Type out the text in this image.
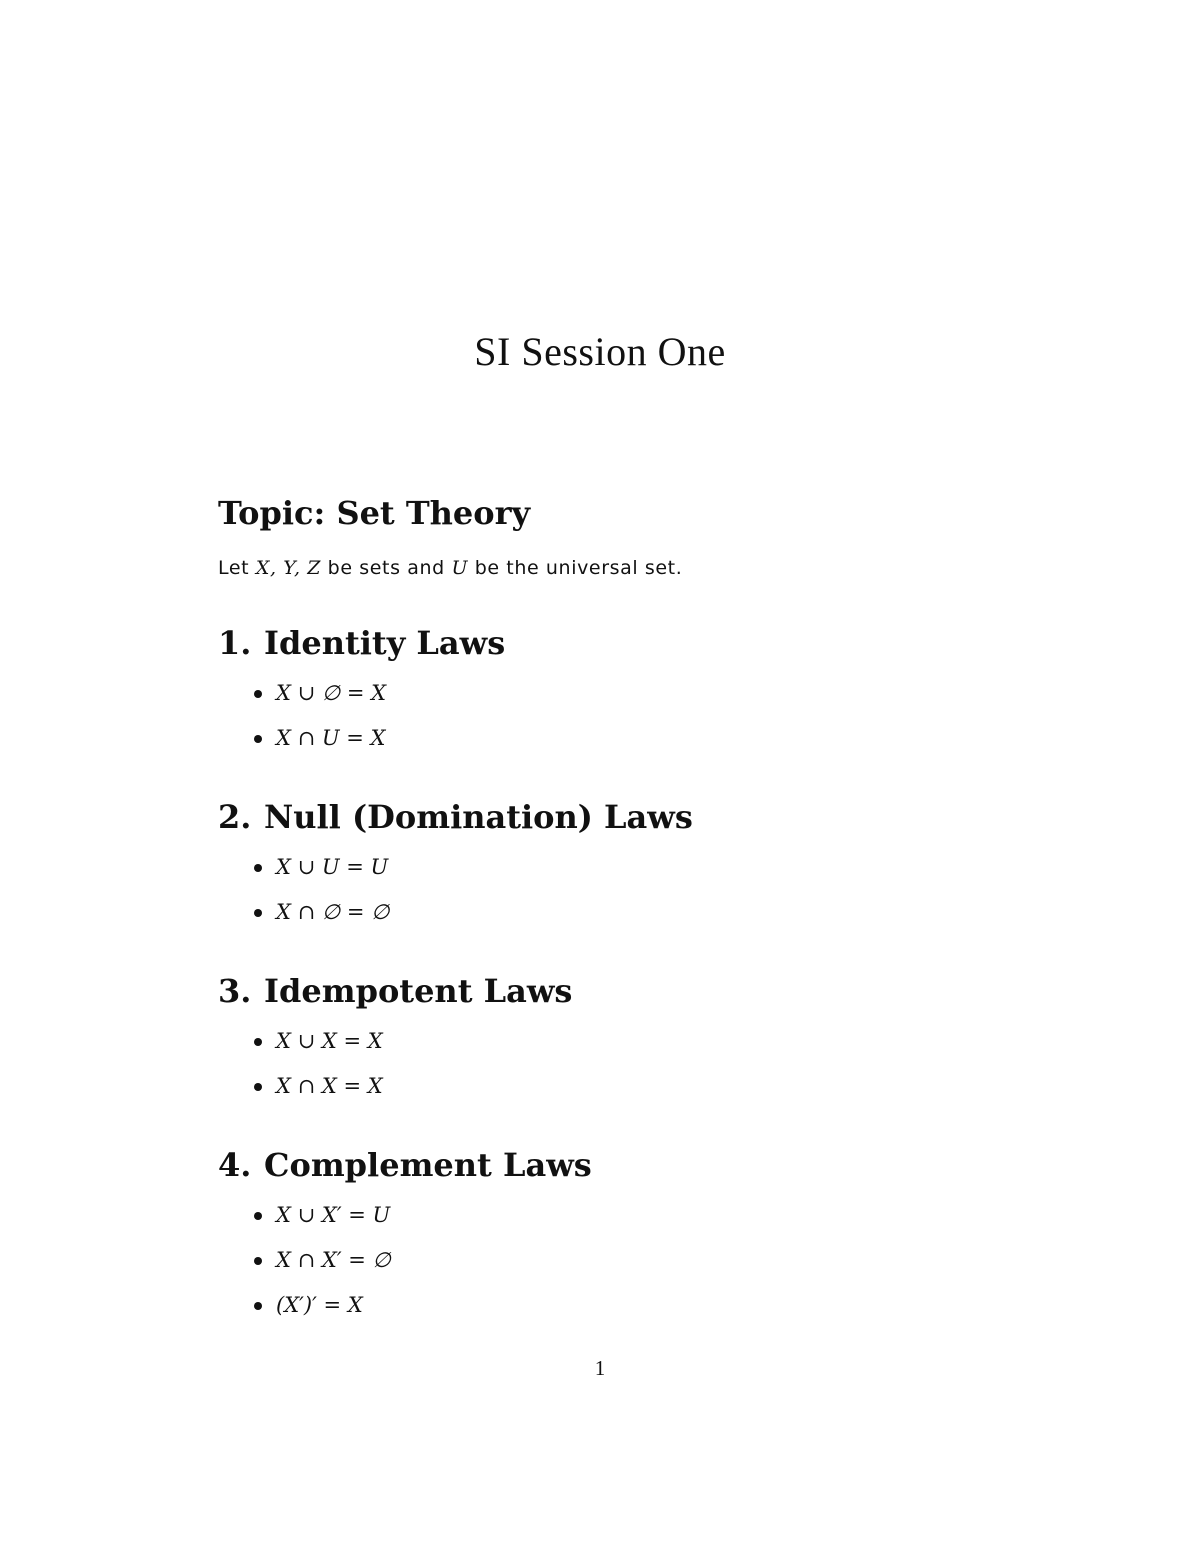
SI Session One
Topic: Set Theory
Let X, Y, Z be sets and U be the universal set.
1. Identity Laws
X ∪ ∅ = X
X ∩ U = X
2. Null (Domination) Laws
X ∪ U = U
X ∩ ∅ = ∅
3. Idempotent Laws
X ∪ X = X
X ∩ X = X
4. Complement Laws
X ∪ X′ = U
X ∩ X′ = ∅
(X′)′ = X
1
